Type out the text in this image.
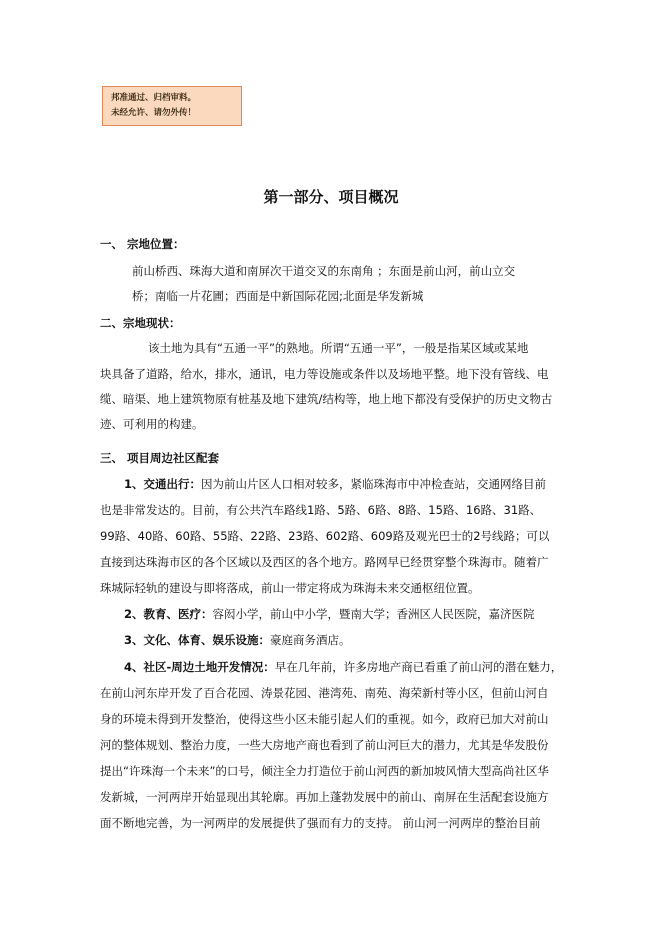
邦准通过、归档审料。
未经允许、请勿外传！
第一部分、项目概况
一、 宗地位置：
前山桥西、珠海大道和南屏次干道交叉的东南角 ；东面是前山河，前山立交
桥；南临一片花圃；西面是中新国际花园;北面是华发新城
二、宗地现状：
该土地为具有“五通一平”的熟地。所谓“五通一平”，一般是指某区域或某地
块具备了道路，给水，排水，通讯，电力等设施或条件以及场地平整。地下没有管线、电
缆、暗渠、地上建筑物原有桩基及地下建筑/结构等，地上地下都没有受保护的历史文物古
迹、可利用的构建。
三、 项目周边社区配套
1、交通出行：因为前山片区人口相对较多，紧临珠海市中冲检查站，交通网络目前
也是非常发达的。目前，有公共汽车路线1路、5路、6路、8路、15路、16路、31路、
99路、40路、60路、55路、22路、23路、602路、609路及观光巴士的2号线路；可以
直接到达珠海市区的各个区域以及西区的各个地方。路网早已经贯穿整个珠海市。随着广
珠城际轻轨的建设与即将落成，前山一带定将成为珠海未来交通枢纽位置。
2、教育、医疗：容闳小学，前山中小学，暨南大学；香洲区人民医院，嘉济医院
3、文化、体育、娱乐设施：豪庭商务酒店。
4、社区-周边土地开发情况：早在几年前，许多房地产商已看重了前山河的潜在魅力，
在前山河东岸开发了百合花园、涛景花园、港湾苑、南苑、海荣新村等小区，但前山河自
身的环境未得到开发整治，使得这些小区未能引起人们的重视。如今，政府已加大对前山
河的整体规划、整治力度，一些大房地产商也看到了前山河巨大的潜力，尤其是华发股份
提出“许珠海一个未来”的口号，倾注全力打造位于前山河西的新加坡风情大型高尚社区华
发新城，一河两岸开始显现出其轮廓。再加上蓬勃发展中的前山、南屏在生活配套设施方
面不断地完善，为一河两岸的发展提供了强而有力的支持。 前山河一河两岸的整治目前
